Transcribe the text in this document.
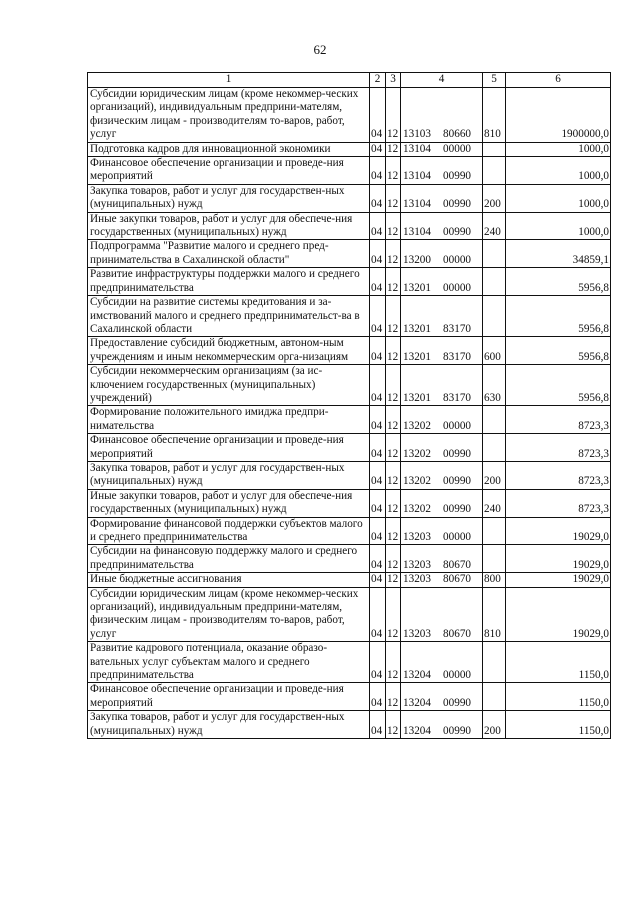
62
1	2	3	4	5	6
Субсидии юридическим лицам (кроме некоммер-ческих организаций), индивидуальным предприни-мателям, физическим лицам - производителям то-варов, работ, услуг	04	12	13103 80660	810	1900000,0
Подготовка кадров для инновационной экономики	04	12	13104 00000		1000,0
Финансовое обеспечение организации и проведе-ния мероприятий	04	12	13104 00990		1000,0
Закупка товаров, работ и услуг для государствен-ных (муниципальных) нужд	04	12	13104 00990	200	1000,0
Иные закупки товаров, работ и услуг для обеспече-ния государственных (муниципальных) нужд	04	12	13104 00990	240	1000,0
Подпрограмма "Развитие малого и среднего пред-принимательства в Сахалинской области"	04	12	13200 00000		34859,1
Развитие инфраструктуры поддержки малого и среднего предпринимательства	04	12	13201 00000		5956,8
Субсидии на развитие системы кредитования и за-имствований малого и среднего предпринимательст-ва в Сахалинской области	04	12	13201 83170		5956,8
Предоставление субсидий бюджетным, автоном-ным учреждениям и иным некоммерческим орга-низациям	04	12	13201 83170	600	5956,8
Субсидии некоммерческим организациям (за ис-ключением государственных (муниципальных) учреждений)	04	12	13201 83170	630	5956,8
Формирование положительного имиджа предпри-нимательства	04	12	13202 00000		8723,3
Финансовое обеспечение организации и проведе-ния мероприятий	04	12	13202 00990		8723,3
Закупка товаров, работ и услуг для государствен-ных (муниципальных) нужд	04	12	13202 00990	200	8723,3
Иные закупки товаров, работ и услуг для обеспече-ния государственных (муниципальных) нужд	04	12	13202 00990	240	8723,3
Формирование финансовой поддержки субъектов малого и среднего предпринимательства	04	12	13203 00000		19029,0
Субсидии на финансовую поддержку малого и среднего предпринимательства	04	12	13203 80670		19029,0
Иные бюджетные ассигнования	04	12	13203 80670	800	19029,0
Субсидии юридическим лицам (кроме некоммер-ческих организаций), индивидуальным предприни-мателям, физическим лицам - производителям то-варов, работ, услуг	04	12	13203 80670	810	19029,0
Развитие кадрового потенциала, оказание образо-вательных услуг субъектам малого и среднего предпринимательства	04	12	13204 00000		1150,0
Финансовое обеспечение организации и проведе-ния мероприятий	04	12	13204 00990		1150,0
Закупка товаров, работ и услуг для государствен-ных (муниципальных) нужд	04	12	13204 00990	200	1150,0
